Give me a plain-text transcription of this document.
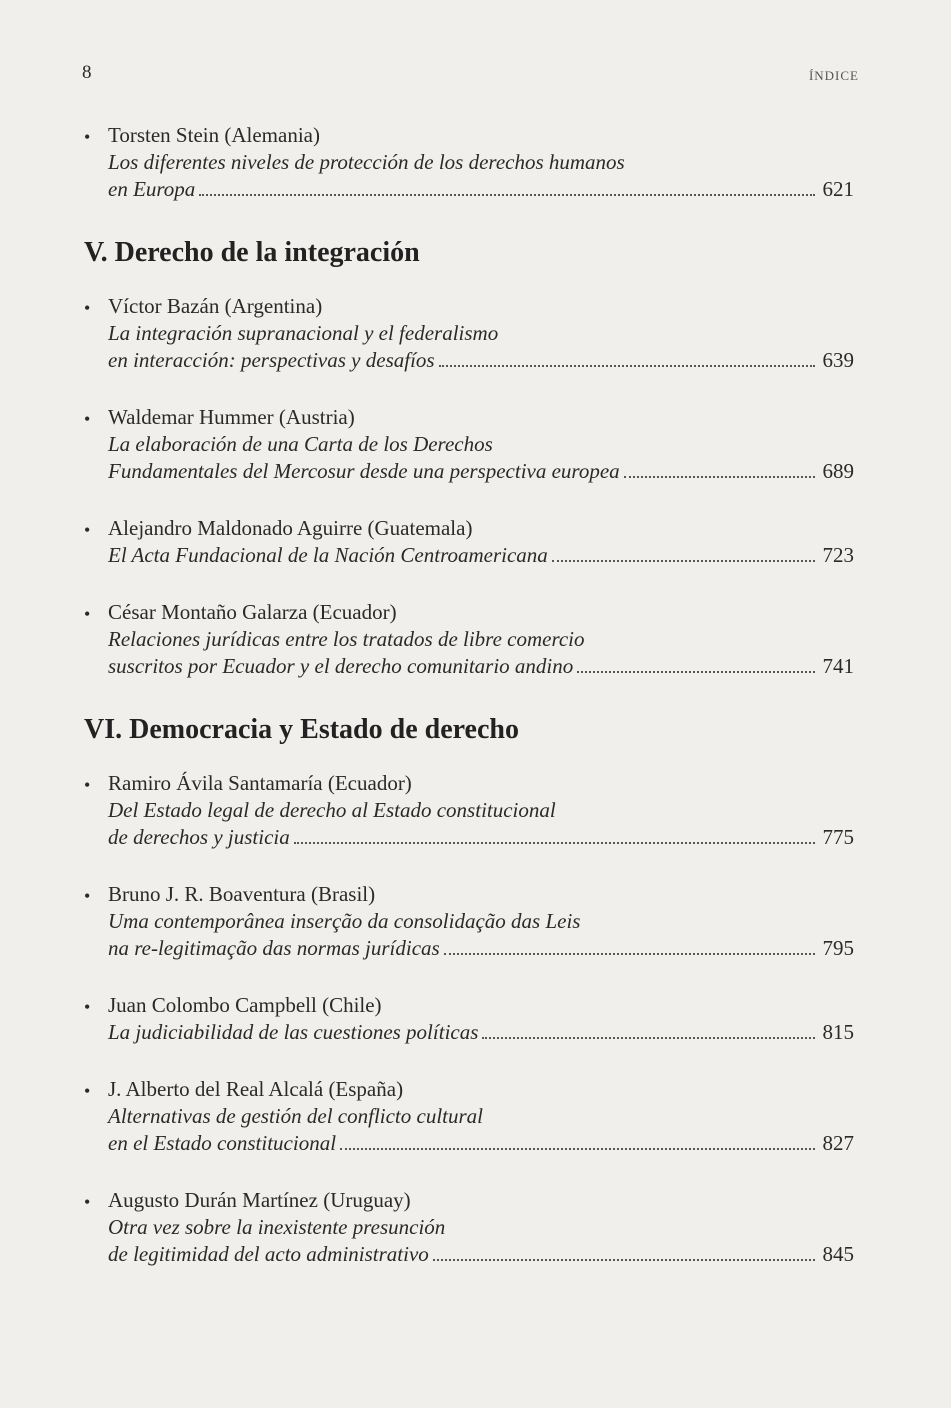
8	ÍNDICE
• Torsten Stein (Alemania)
Los diferentes niveles de protección de los derechos humanos
en Europa	621
V. Derecho de la integración
• Víctor Bazán (Argentina)
La integración supranacional y el federalismo
en interacción: perspectivas y desafíos	639
• Waldemar Hummer (Austria)
La elaboración de una Carta de los Derechos
Fundamentales del Mercosur desde una perspectiva europea	689
• Alejandro Maldonado Aguirre (Guatemala)
El Acta Fundacional de la Nación Centroamericana	723
• César Montaño Galarza (Ecuador)
Relaciones jurídicas entre los tratados de libre comercio
suscritos por Ecuador y el derecho comunitario andino	741
VI. Democracia y Estado de derecho
• Ramiro Ávila Santamaría (Ecuador)
Del Estado legal de derecho al Estado constitucional
de derechos y justicia	775
• Bruno J. R. Boaventura (Brasil)
Uma contemporânea inserção da consolidação das Leis
na re-legitimação das normas jurídicas	795
• Juan Colombo Campbell (Chile)
La judiciabilidad de las cuestiones políticas	815
• J. Alberto del Real Alcalá (España)
Alternativas de gestión del conflicto cultural
en el Estado constitucional	827
• Augusto Durán Martínez (Uruguay)
Otra vez sobre la inexistente presunción
de legitimidad del acto administrativo	845
